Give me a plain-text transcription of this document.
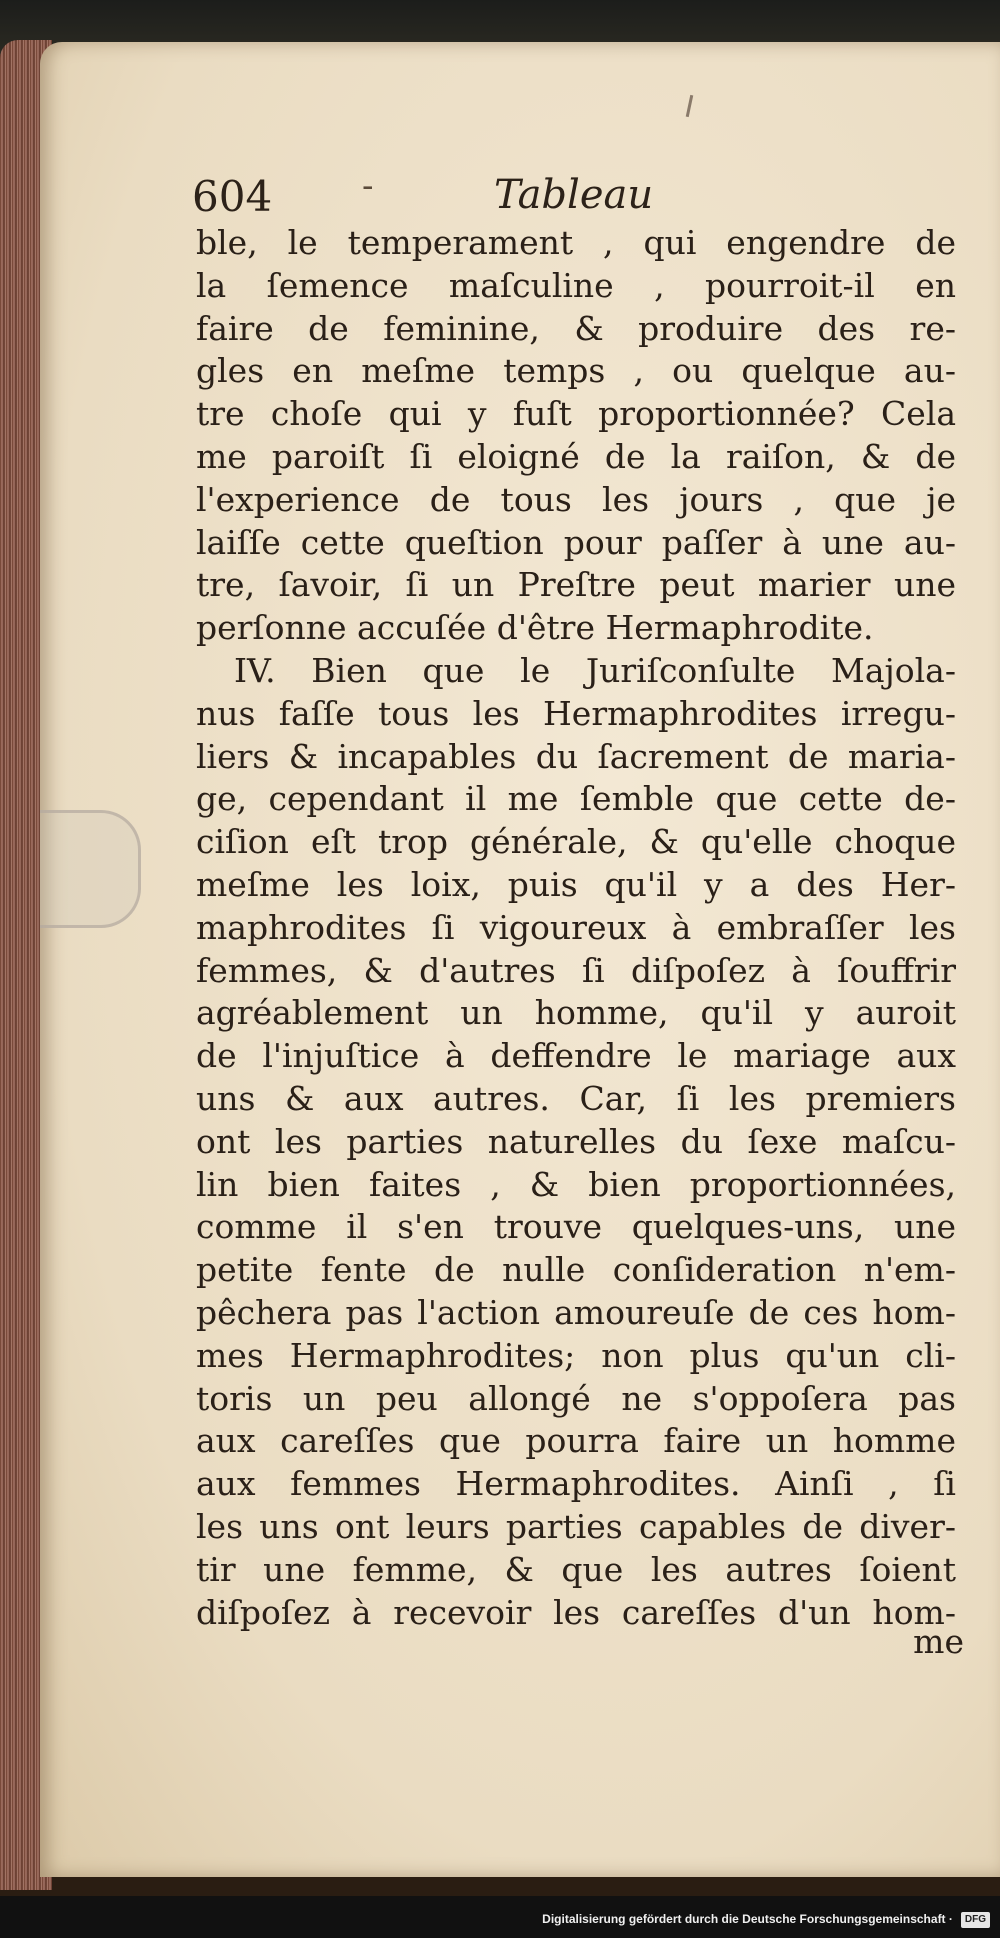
604	-	Tableau
ble, le temperament , qui engendre de
la ſemence maſculine , pourroit-il en
faire de feminine, & produire des re-
gles en meſme temps , ou quelque au-
tre choſe qui y fuſt proportionnée? Cela
me paroiſt ſi eloigné de la raiſon, & de
l'experience de tous les jours , que je
laiſſe cette queſtion pour paſſer à une au-
tre, ſavoir, ſi un Preſtre peut marier une
perſonne accuſée d'être Hermaphrodite.
IV. Bien que le Juriſconſulte Majola-
nus faſſe tous les Hermaphrodites irregu-
liers & incapables du ſacrement de maria-
ge, cependant il me ſemble que cette de-
ciſion eſt trop générale, & qu'elle choque
meſme les loix, puis qu'il y a des Her-
maphrodites ſi vigoureux à embraſſer les
femmes, & d'autres ſi diſpoſez à ſouffrir
agréablement un homme, qu'il y auroit
de l'injuſtice à deffendre le mariage aux
uns & aux autres. Car, ſi les premiers
ont les parties naturelles du ſexe maſcu-
lin bien faites , & bien proportionnées,
comme il s'en trouve quelques-uns, une
petite fente de nulle conſideration n'em-
pêchera pas l'action amoureuſe de ces hom-
mes Hermaphrodites; non plus qu'un cli-
toris un peu allongé ne s'oppoſera pas
aux careſſes que pourra faire un homme
aux femmes Hermaphrodites. Ainſi , ſi
les uns ont leurs parties capables de diver-
tir une femme, & que les autres ſoient
diſpoſez à recevoir les careſſes d'un hom-
me
Digitalisierung gefördert durch die Deutsche Forschungsgemeinschaft · DFG
